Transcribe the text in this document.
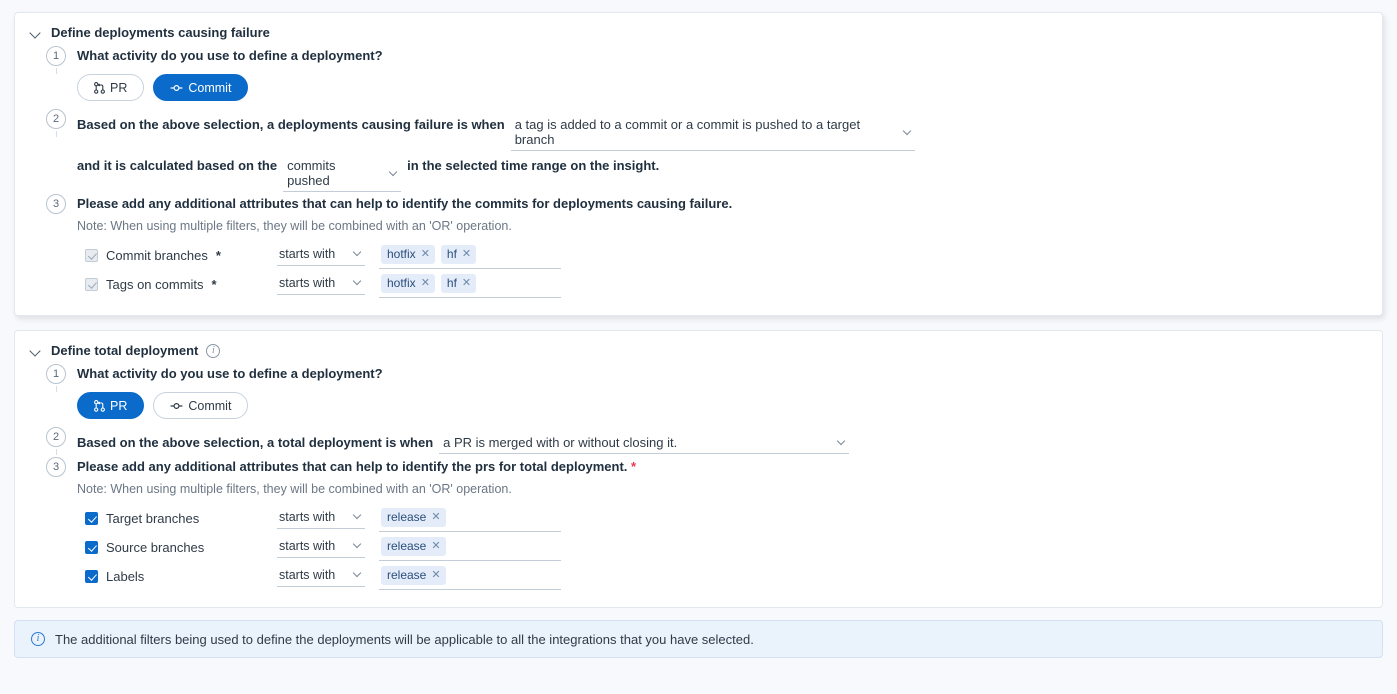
Define deployments causing failure
1	What activity do you use to define a deployment?
PR	Commit
2	Based on the above selection, a deployments causing failure is when a tag is added to a commit or a commit is pushed to a target branch
and it is calculated based on the commits pushed
in the selected time range on the insight.
3	Please add any additional attributes that can help to identify the commits for deployments causing failure.
Note: When using multiple filters, they will be combined with an 'OR' operation.
Commit branches *	starts with	hotfix ✕ hf ✕
Tags on commits *	starts with	hotfix ✕ hf ✕
Define total deployment	i
1	What activity do you use to define a deployment?
PR	Commit
2	Based on the above selection, a total deployment is when a PR is merged with or without closing it.
3	Please add any additional attributes that can help to identify the prs for total deployment. *
Note: When using multiple filters, they will be combined with an 'OR' operation.
Target branches	starts with	release ✕
Source branches	starts with	release ✕
Labels	starts with	release ✕
i	The additional filters being used to define the deployments will be applicable to all the integrations that you have selected.
